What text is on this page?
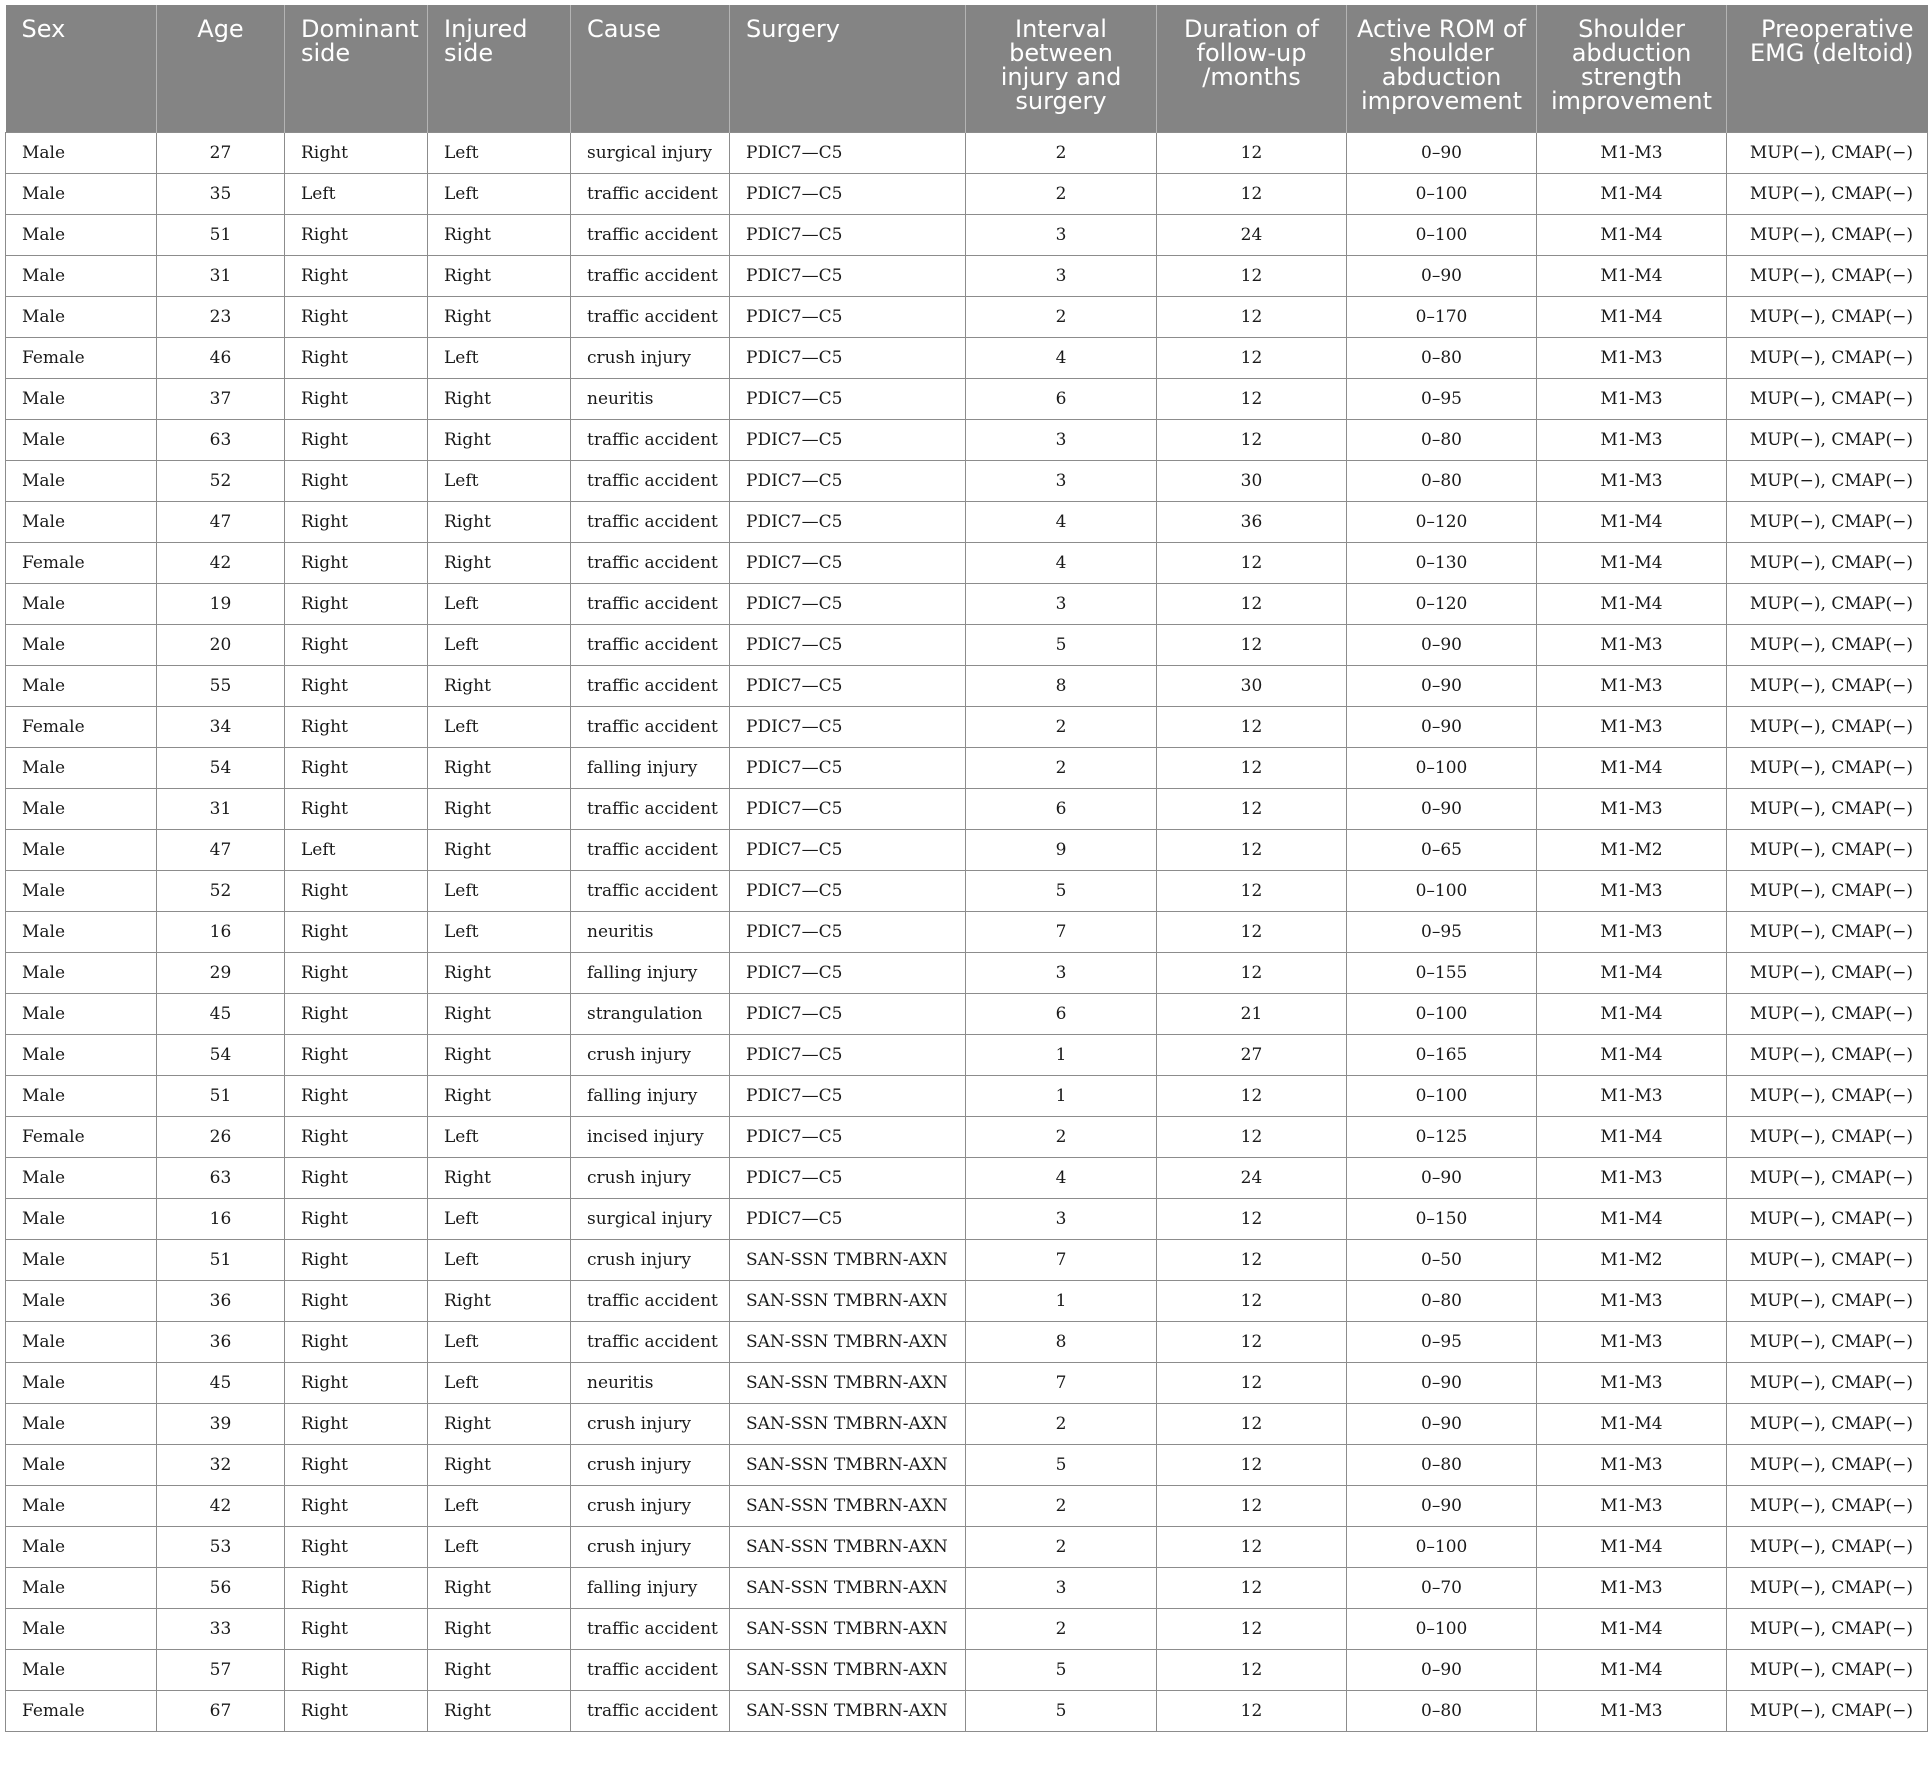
Sex	Age	Dominant side	Injured side	Cause	Surgery	Interval between injury and surgery	Duration of follow-up /months	Active ROM of shoulder abduction improvement	Shoulder abduction strength improvement	Preoperative EMG (deltoid)
Male	27	Right	Left	surgical injury	PDIC7—C5	2	12	0–90	M1-M3	MUP(−), CMAP(−)
Male	35	Left	Left	traffic accident	PDIC7—C5	2	12	0–100	M1-M4	MUP(−), CMAP(−)
Male	51	Right	Right	traffic accident	PDIC7—C5	3	24	0–100	M1-M4	MUP(−), CMAP(−)
Male	31	Right	Right	traffic accident	PDIC7—C5	3	12	0–90	M1-M4	MUP(−), CMAP(−)
Male	23	Right	Right	traffic accident	PDIC7—C5	2	12	0–170	M1-M4	MUP(−), CMAP(−)
Female	46	Right	Left	crush injury	PDIC7—C5	4	12	0–80	M1-M3	MUP(−), CMAP(−)
Male	37	Right	Right	neuritis	PDIC7—C5	6	12	0–95	M1-M3	MUP(−), CMAP(−)
Male	63	Right	Right	traffic accident	PDIC7—C5	3	12	0–80	M1-M3	MUP(−), CMAP(−)
Male	52	Right	Left	traffic accident	PDIC7—C5	3	30	0–80	M1-M3	MUP(−), CMAP(−)
Male	47	Right	Right	traffic accident	PDIC7—C5	4	36	0–120	M1-M4	MUP(−), CMAP(−)
Female	42	Right	Right	traffic accident	PDIC7—C5	4	12	0–130	M1-M4	MUP(−), CMAP(−)
Male	19	Right	Left	traffic accident	PDIC7—C5	3	12	0–120	M1-M4	MUP(−), CMAP(−)
Male	20	Right	Left	traffic accident	PDIC7—C5	5	12	0–90	M1-M3	MUP(−), CMAP(−)
Male	55	Right	Right	traffic accident	PDIC7—C5	8	30	0–90	M1-M3	MUP(−), CMAP(−)
Female	34	Right	Left	traffic accident	PDIC7—C5	2	12	0–90	M1-M3	MUP(−), CMAP(−)
Male	54	Right	Right	falling injury	PDIC7—C5	2	12	0–100	M1-M4	MUP(−), CMAP(−)
Male	31	Right	Right	traffic accident	PDIC7—C5	6	12	0–90	M1-M3	MUP(−), CMAP(−)
Male	47	Left	Right	traffic accident	PDIC7—C5	9	12	0–65	M1-M2	MUP(−), CMAP(−)
Male	52	Right	Left	traffic accident	PDIC7—C5	5	12	0–100	M1-M3	MUP(−), CMAP(−)
Male	16	Right	Left	neuritis	PDIC7—C5	7	12	0–95	M1-M3	MUP(−), CMAP(−)
Male	29	Right	Right	falling injury	PDIC7—C5	3	12	0–155	M1-M4	MUP(−), CMAP(−)
Male	45	Right	Right	strangulation	PDIC7—C5	6	21	0–100	M1-M4	MUP(−), CMAP(−)
Male	54	Right	Right	crush injury	PDIC7—C5	1	27	0–165	M1-M4	MUP(−), CMAP(−)
Male	51	Right	Right	falling injury	PDIC7—C5	1	12	0–100	M1-M3	MUP(−), CMAP(−)
Female	26	Right	Left	incised injury	PDIC7—C5	2	12	0–125	M1-M4	MUP(−), CMAP(−)
Male	63	Right	Right	crush injury	PDIC7—C5	4	24	0–90	M1-M3	MUP(−), CMAP(−)
Male	16	Right	Left	surgical injury	PDIC7—C5	3	12	0–150	M1-M4	MUP(−), CMAP(−)
Male	51	Right	Left	crush injury	SAN-SSN TMBRN-AXN	7	12	0–50	M1-M2	MUP(−), CMAP(−)
Male	36	Right	Right	traffic accident	SAN-SSN TMBRN-AXN	1	12	0–80	M1-M3	MUP(−), CMAP(−)
Male	36	Right	Left	traffic accident	SAN-SSN TMBRN-AXN	8	12	0–95	M1-M3	MUP(−), CMAP(−)
Male	45	Right	Left	neuritis	SAN-SSN TMBRN-AXN	7	12	0–90	M1-M3	MUP(−), CMAP(−)
Male	39	Right	Right	crush injury	SAN-SSN TMBRN-AXN	2	12	0–90	M1-M4	MUP(−), CMAP(−)
Male	32	Right	Right	crush injury	SAN-SSN TMBRN-AXN	5	12	0–80	M1-M3	MUP(−), CMAP(−)
Male	42	Right	Left	crush injury	SAN-SSN TMBRN-AXN	2	12	0–90	M1-M3	MUP(−), CMAP(−)
Male	53	Right	Left	crush injury	SAN-SSN TMBRN-AXN	2	12	0–100	M1-M4	MUP(−), CMAP(−)
Male	56	Right	Right	falling injury	SAN-SSN TMBRN-AXN	3	12	0–70	M1-M3	MUP(−), CMAP(−)
Male	33	Right	Right	traffic accident	SAN-SSN TMBRN-AXN	2	12	0–100	M1-M4	MUP(−), CMAP(−)
Male	57	Right	Right	traffic accident	SAN-SSN TMBRN-AXN	5	12	0–90	M1-M4	MUP(−), CMAP(−)
Female	67	Right	Right	traffic accident	SAN-SSN TMBRN-AXN	5	12	0–80	M1-M3	MUP(−), CMAP(−)
